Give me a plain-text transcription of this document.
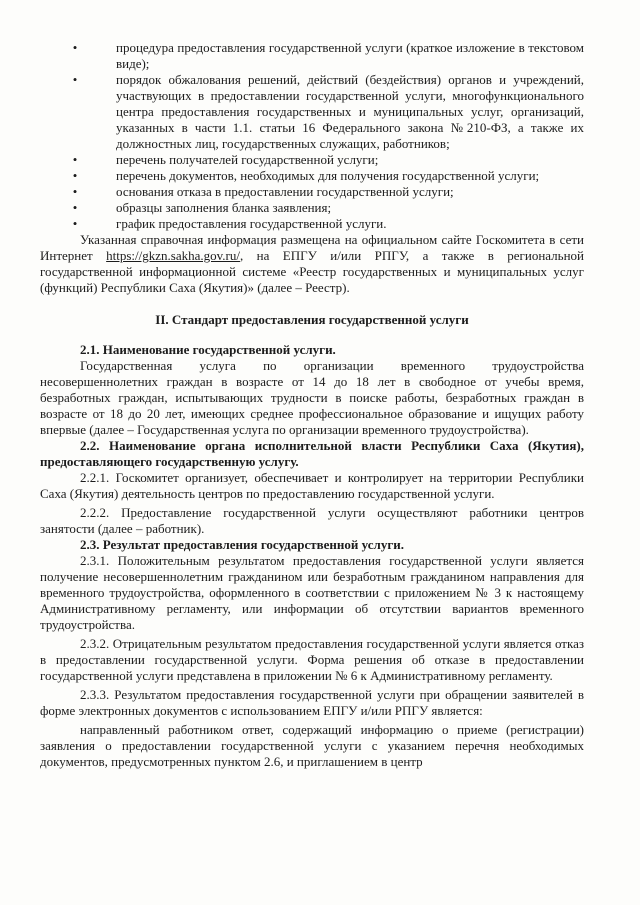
•	процедура предоставления государственной услуги (краткое изложение в текстовом виде);
•	порядок обжалования решений, действий (бездействия) органов и учреждений, участвующих в предоставлении государственной услуги, многофункционального центра предоставления государственных и муниципальных услуг, организаций, указанных в части 1.1. статьи 16 Федерального закона №210-ФЗ, а также их должностных лиц, государственных служащих, работников;
•	перечень получателей государственной услуги;
•	перечень документов, необходимых для получения государственной услуги;
•	основания отказа в предоставлении государственной услуги;
•	образцы заполнения бланка заявления;
•	график предоставления государственной услуги.

Указанная справочная информация размещена на официальном сайте Госкомитета в сети Интернет https://gkzn.sakha.gov.ru/, на ЕПГУ и/или РПГУ, а также в региональной государственной информационной системе «Реестр государственных и муниципальных услуг (функций) Республики Саха (Якутия)» (далее – Реестр).

II. Стандарт предоставления государственной услуги

2.1. Наименование государственной услуги.

Государственная услуга по организации временного трудоустройства несовершеннолетних граждан в возрасте от 14 до 18 лет в свободное от учебы время, безработных граждан, испытывающих трудности в поиске работы, безработных граждан в возрасте от 18 до 20 лет, имеющих среднее профессиональное образование и ищущих работу впервые (далее – Государственная услуга по организации временного трудоустройства).

2.2. Наименование органа исполнительной власти Республики Саха (Якутия), предоставляющего государственную услугу.

2.2.1. Госкомитет организует, обеспечивает и контролирует на территории Республики Саха (Якутия) деятельность центров по предоставлению государственной услуги.

2.2.2. Предоставление государственной услуги осуществляют работники центров занятости (далее – работник).

2.3. Результат предоставления государственной услуги.

2.3.1. Положительным результатом предоставления государственной услуги является получение несовершеннолетним гражданином или безработным гражданином направления для временного трудоустройства, оформленного в соответствии с приложением № 3 к настоящему Административному регламенту, или информации об отсутствии вариантов временного трудоустройства.

2.3.2. Отрицательным результатом предоставления государственной услуги является отказ в предоставлении государственной услуги. Форма решения об отказе в предоставлении государственной услуги представлена в приложении № 6 к Административному регламенту.

2.3.3. Результатом предоставления государственной услуги при обращении заявителей в форме электронных документов с использованием ЕПГУ и/или РПГУ является:

направленный работником ответ, содержащий информацию о приеме (регистрации) заявления о предоставлении государственной услуги с указанием перечня необходимых документов, предусмотренных пунктом 2.6, и приглашением в центр
